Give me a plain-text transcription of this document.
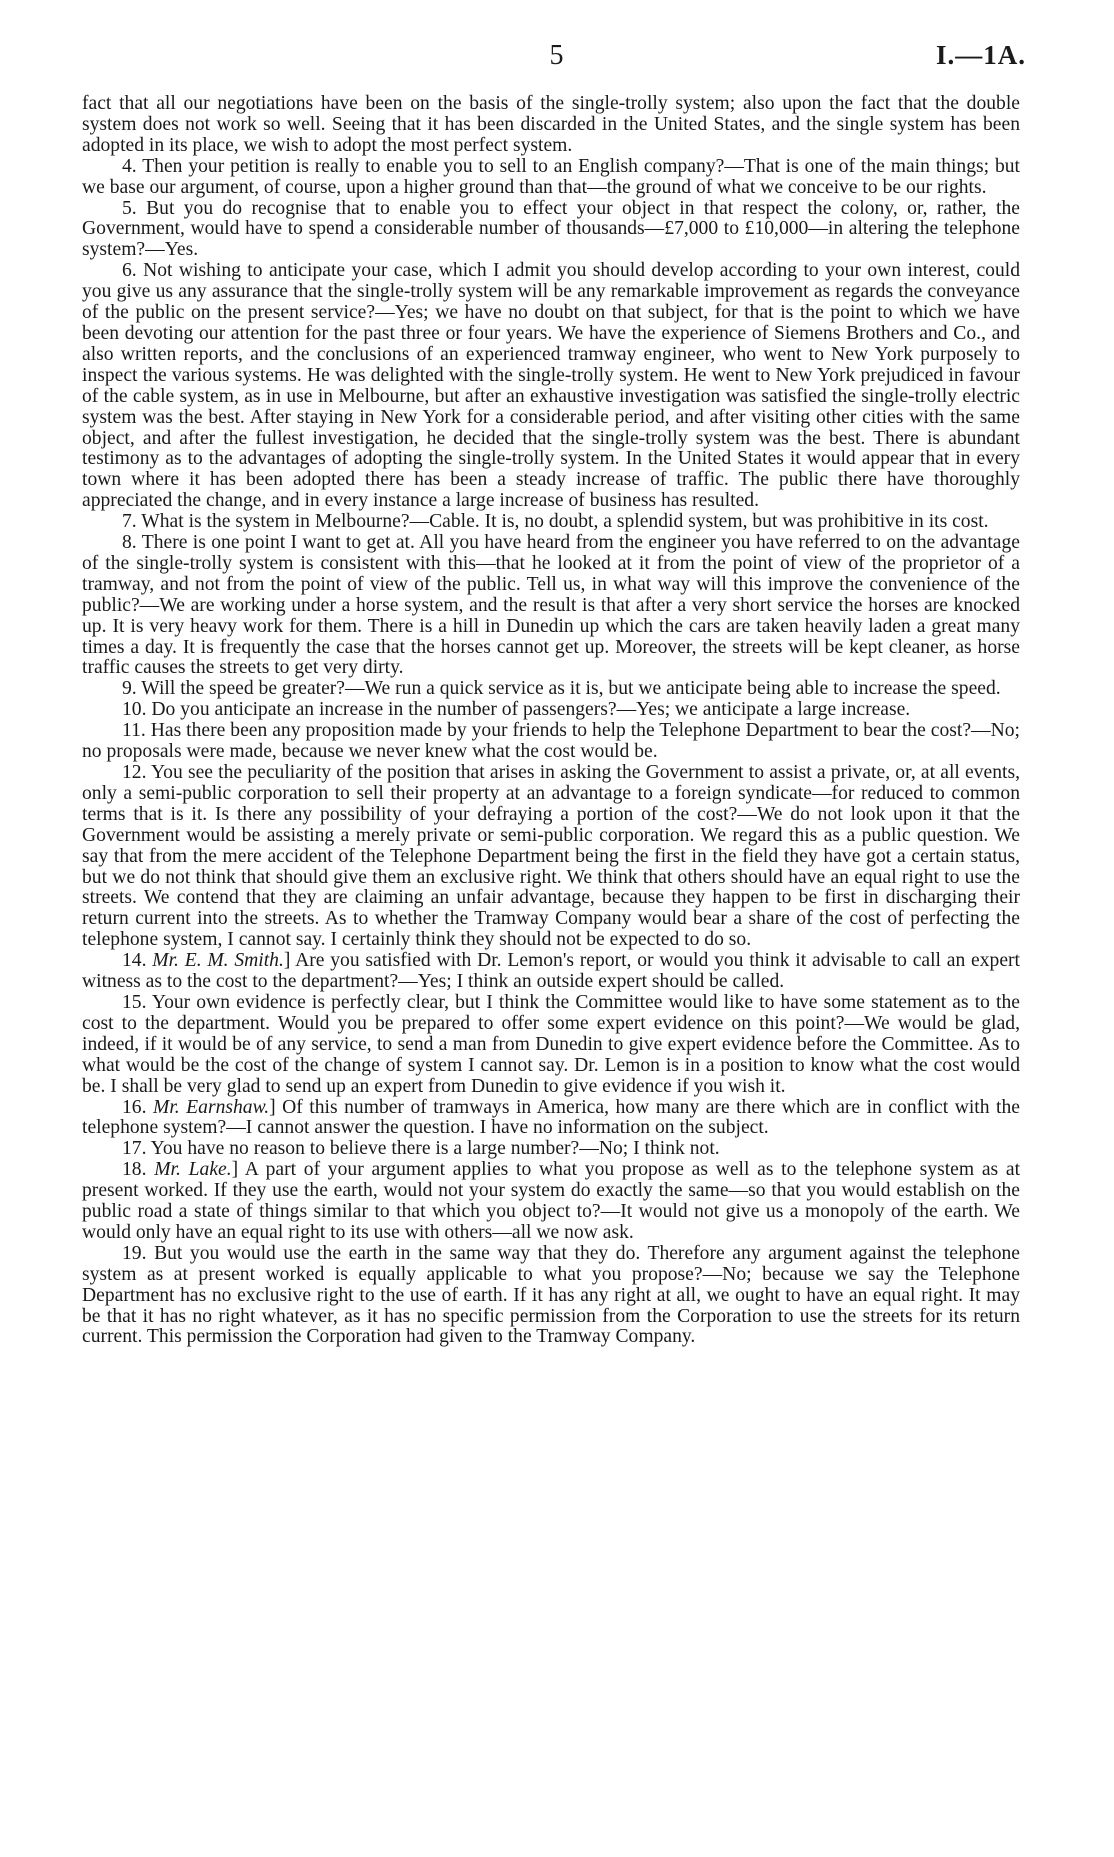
5	I.—1A.

fact that all our negotiations have been on the basis of the single-trolly system; also upon the fact that the double system does not work so well. Seeing that it has been discarded in the United States, and the single system has been adopted in its place, we wish to adopt the most perfect system.

4. Then your petition is really to enable you to sell to an English company?—That is one of the main things; but we base our argument, of course, upon a higher ground than that—the ground of what we conceive to be our rights.

5. But you do recognise that to enable you to effect your object in that respect the colony, or, rather, the Government, would have to spend a considerable number of thousands—£7,000 to £10,000—in altering the telephone system?—Yes.

6. Not wishing to anticipate your case, which I admit you should develop according to your own interest, could you give us any assurance that the single-trolly system will be any remarkable improvement as regards the conveyance of the public on the present service?—Yes; we have no doubt on that subject, for that is the point to which we have been devoting our attention for the past three or four years. We have the experience of Siemens Brothers and Co., and also written reports, and the conclusions of an experienced tramway engineer, who went to New York purposely to inspect the various systems. He was delighted with the single-trolly system. He went to New York prejudiced in favour of the cable system, as in use in Melbourne, but after an exhaustive investigation was satisfied the single-trolly electric system was the best. After staying in New York for a considerable period, and after visiting other cities with the same object, and after the fullest investigation, he decided that the single-trolly system was the best. There is abundant testimony as to the advantages of adopting the single-trolly system. In the United States it would appear that in every town where it has been adopted there has been a steady increase of traffic. The public there have thoroughly appreciated the change, and in every instance a large increase of business has resulted.

7. What is the system in Melbourne?—Cable. It is, no doubt, a splendid system, but was prohibitive in its cost.

8. There is one point I want to get at. All you have heard from the engineer you have referred to on the advantage of the single-trolly system is consistent with this—that he looked at it from the point of view of the proprietor of a tramway, and not from the point of view of the public. Tell us, in what way will this improve the convenience of the public?—We are working under a horse system, and the result is that after a very short service the horses are knocked up. It is very heavy work for them. There is a hill in Dunedin up which the cars are taken heavily laden a great many times a day. It is frequently the case that the horses cannot get up. Moreover, the streets will be kept cleaner, as horse traffic causes the streets to get very dirty.

9. Will the speed be greater?—We run a quick service as it is, but we anticipate being able to increase the speed.

10. Do you anticipate an increase in the number of passengers?—Yes; we anticipate a large increase.

11. Has there been any proposition made by your friends to help the Telephone Department to bear the cost?—No; no proposals were made, because we never knew what the cost would be.

12. You see the peculiarity of the position that arises in asking the Government to assist a private, or, at all events, only a semi-public corporation to sell their property at an advantage to a foreign syndicate—for reduced to common terms that is it. Is there any possibility of your defraying a portion of the cost?—We do not look upon it that the Government would be assisting a merely private or semi-public corporation. We regard this as a public question. We say that from the mere accident of the Telephone Department being the first in the field they have got a certain status, but we do not think that should give them an exclusive right. We think that others should have an equal right to use the streets. We contend that they are claiming an unfair advantage, because they happen to be first in discharging their return current into the streets. As to whether the Tramway Company would bear a share of the cost of perfecting the telephone system, I cannot say. I certainly think they should not be expected to do so.

14. Mr. E. M. Smith.] Are you satisfied with Dr. Lemon's report, or would you think it advisable to call an expert witness as to the cost to the department?—Yes; I think an outside expert should be called.

15. Your own evidence is perfectly clear, but I think the Committee would like to have some statement as to the cost to the department. Would you be prepared to offer some expert evidence on this point?—We would be glad, indeed, if it would be of any service, to send a man from Dunedin to give expert evidence before the Committee. As to what would be the cost of the change of system I cannot say. Dr. Lemon is in a position to know what the cost would be. I shall be very glad to send up an expert from Dunedin to give evidence if you wish it.

16. Mr. Earnshaw.] Of this number of tramways in America, how many are there which are in conflict with the telephone system?—I cannot answer the question. I have no information on the subject.

17. You have no reason to believe there is a large number?—No; I think not.

18. Mr. Lake.] A part of your argument applies to what you propose as well as to the telephone system as at present worked. If they use the earth, would not your system do exactly the same—so that you would establish on the public road a state of things similar to that which you object to?—It would not give us a monopoly of the earth. We would only have an equal right to its use with others—all we now ask.

19. But you would use the earth in the same way that they do. Therefore any argument against the telephone system as at present worked is equally applicable to what you propose?—No; because we say the Telephone Department has no exclusive right to the use of earth. If it has any right at all, we ought to have an equal right. It may be that it has no right whatever, as it has no specific permission from the Corporation to use the streets for its return current. This permission the Corporation had given to the Tramway Company.
